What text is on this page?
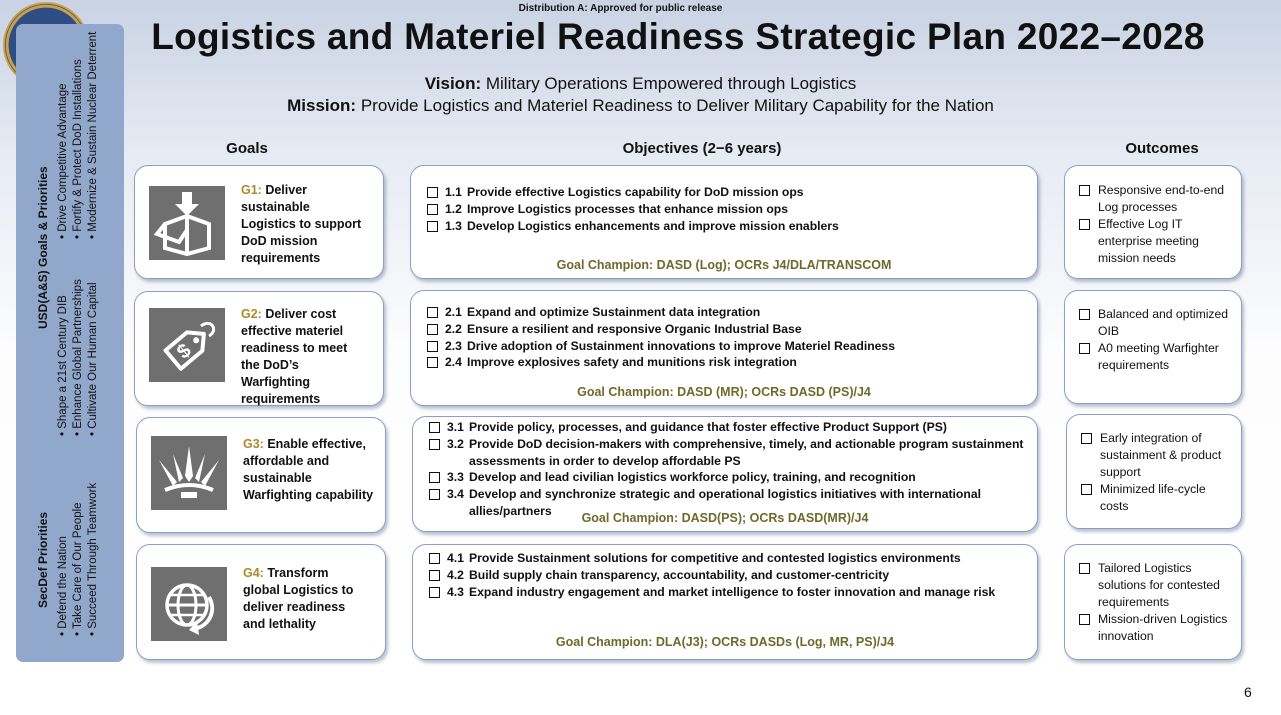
Distribution A: Approved for public release
Logistics and Materiel Readiness Strategic Plan 2022–2028
Vision: Military Operations Empowered through Logistics
Mission: Provide Logistics and Materiel Readiness to Deliver Military Capability for the Nation
USD(A&S) Goals & Priorities
• Shape a 21st Century DIB
• Enhance Global Partnerships
• Cultivate Our Human Capital
• Drive Competitive Advantage
• Fortify & Protect DoD Installations
• Modernize & Sustain Nuclear Deterrent
SecDef Priorities
• Defend the Nation
• Take Care of Our People
• Succeed Through Teamwork
Goals	Objectives (2−6 years)	Outcomes
G1: Deliver sustainable Logistics to support DoD mission requirements
$
G2: Deliver cost effective materiel readiness to meet the DoD’s Warfighting requirements
G3: Enable effective, affordable and sustainable Warfighting capability
G4: Transform global Logistics to deliver readiness and lethality
1.1 Provide effective Logistics capability for DoD mission ops
1.2 Improve Logistics processes that enhance mission ops
1.3 Develop Logistics enhancements and improve mission enablers
Goal Champion: DASD (Log); OCRs J4/DLA/TRANSCOM
2.1 Expand and optimize Sustainment data integration
2.2 Ensure a resilient and responsive Organic Industrial Base
2.3 Drive adoption of Sustainment innovations to improve Materiel Readiness
2.4 Improve explosives safety and munitions risk integration
Goal Champion: DASD (MR); OCRs DASD (PS)/J4
3.1 Provide policy, processes, and guidance that foster effective Product Support (PS)
3.2 Provide DoD decision-makers with comprehensive, timely, and actionable program sustainment assessments in order to develop affordable PS
3.3 Develop and lead civilian logistics workforce policy, training, and recognition
3.4 Develop and synchronize strategic and operational logistics initiatives with international allies/partners
Goal Champion: DASD(PS); OCRs DASD(MR)/J4
4.1 Provide Sustainment solutions for competitive and contested logistics environments
4.2 Build supply chain transparency, accountability, and customer-centricity
4.3 Expand industry engagement and market intelligence to foster innovation and manage risk
Goal Champion: DLA(J3); OCRs DASDs (Log, MR, PS)/J4
Responsive end-to-end Log processes
Effective Log IT enterprise meeting mission needs
Balanced and optimized OIB
A0 meeting Warfighter requirements
Early integration of sustainment & product support
Minimized life-cycle costs
Tailored Logistics solutions for contested requirements
Mission-driven Logistics innovation
6
